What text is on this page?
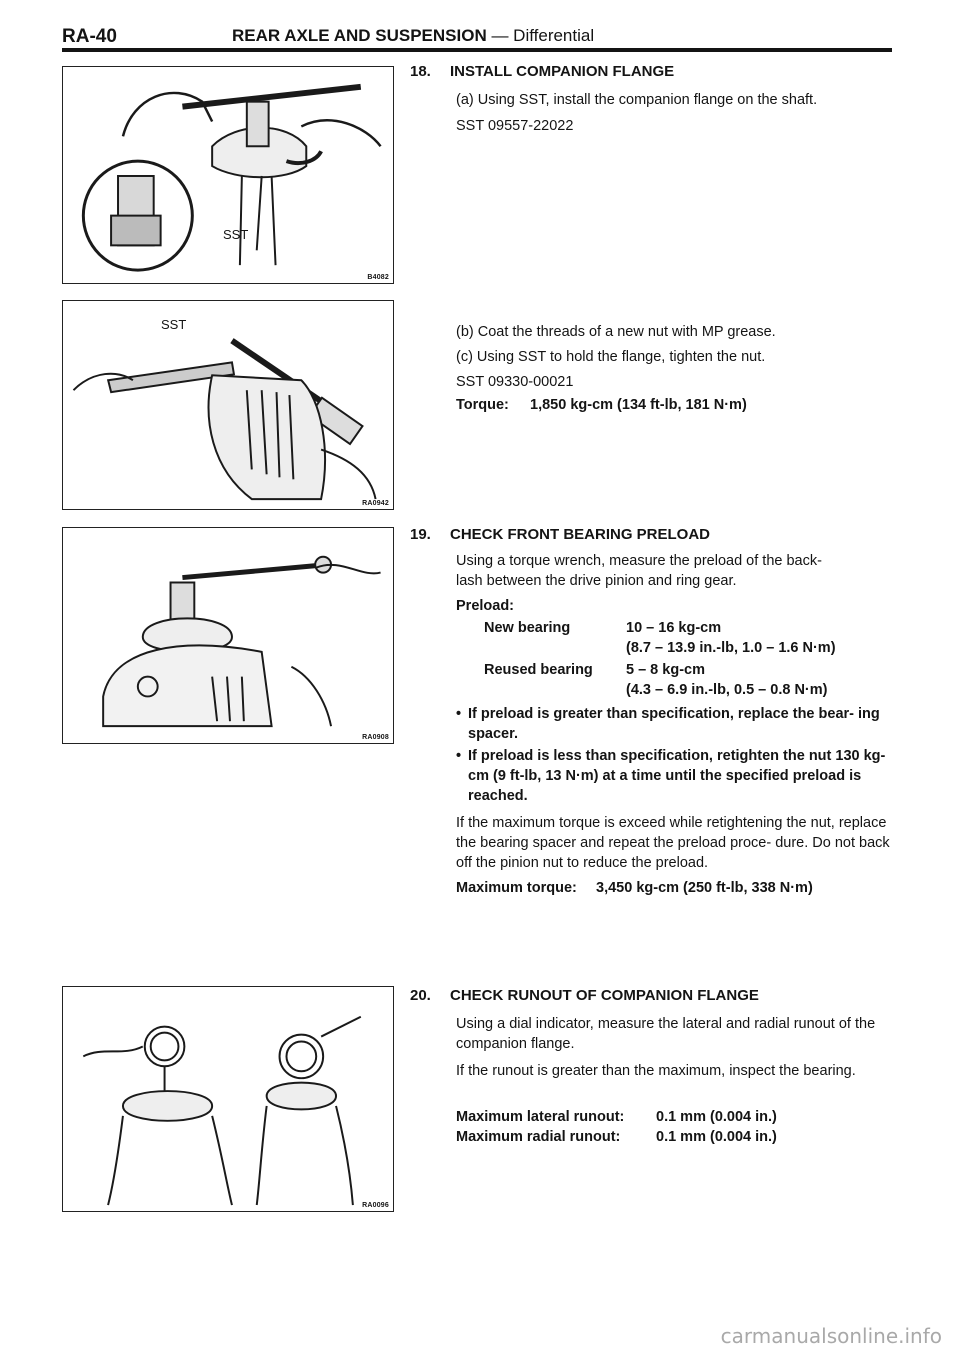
RA-40	REAR AXLE AND SUSPENSION — Differential
SST
B4082
SST
RA0942
RA0908
RA0096
18. INSTALL COMPANION FLANGE
(a) Using SST, install the companion flange on the shaft.
SST 09557-22022
(b) Coat the threads of a new nut with MP grease.
(c) Using SST to hold the flange, tighten the nut.
SST 09330-00021
Torque: 1,850 kg-cm (134 ft-lb, 181 N·m)
19. CHECK FRONT BEARING PRELOAD
Using a torque wrench, measure the preload of the back-
lash between the drive pinion and ring gear.
Preload:
New bearing	10 – 16 kg-cm
(8.7 – 13.9 in.-lb, 1.0 – 1.6 N·m)
Reused bearing 5 – 8 kg-cm
(4.3 – 6.9 in.-lb, 0.5 – 0.8 N·m)
• If preload is greater than specification, replace the bear- ing spacer.
• If preload is less than specification, retighten the nut 130 kg-cm (9 ft-lb, 13 N·m) at a time until the specified preload is reached.
If the maximum torque is exceed while retightening the nut, replace the bearing spacer and repeat the preload proce- dure. Do not back off the pinion nut to reduce the preload.
Maximum torque: 3,450 kg-cm (250 ft-lb, 338 N·m)
20. CHECK RUNOUT OF COMPANION FLANGE
Using a dial indicator, measure the lateral and radial runout of the companion flange.
If the runout is greater than the maximum, inspect the bearing.
Maximum lateral runout: 0.1 mm (0.004 in.)
Maximum radial runout: 0.1 mm (0.004 in.)
carmanualsonline.info
